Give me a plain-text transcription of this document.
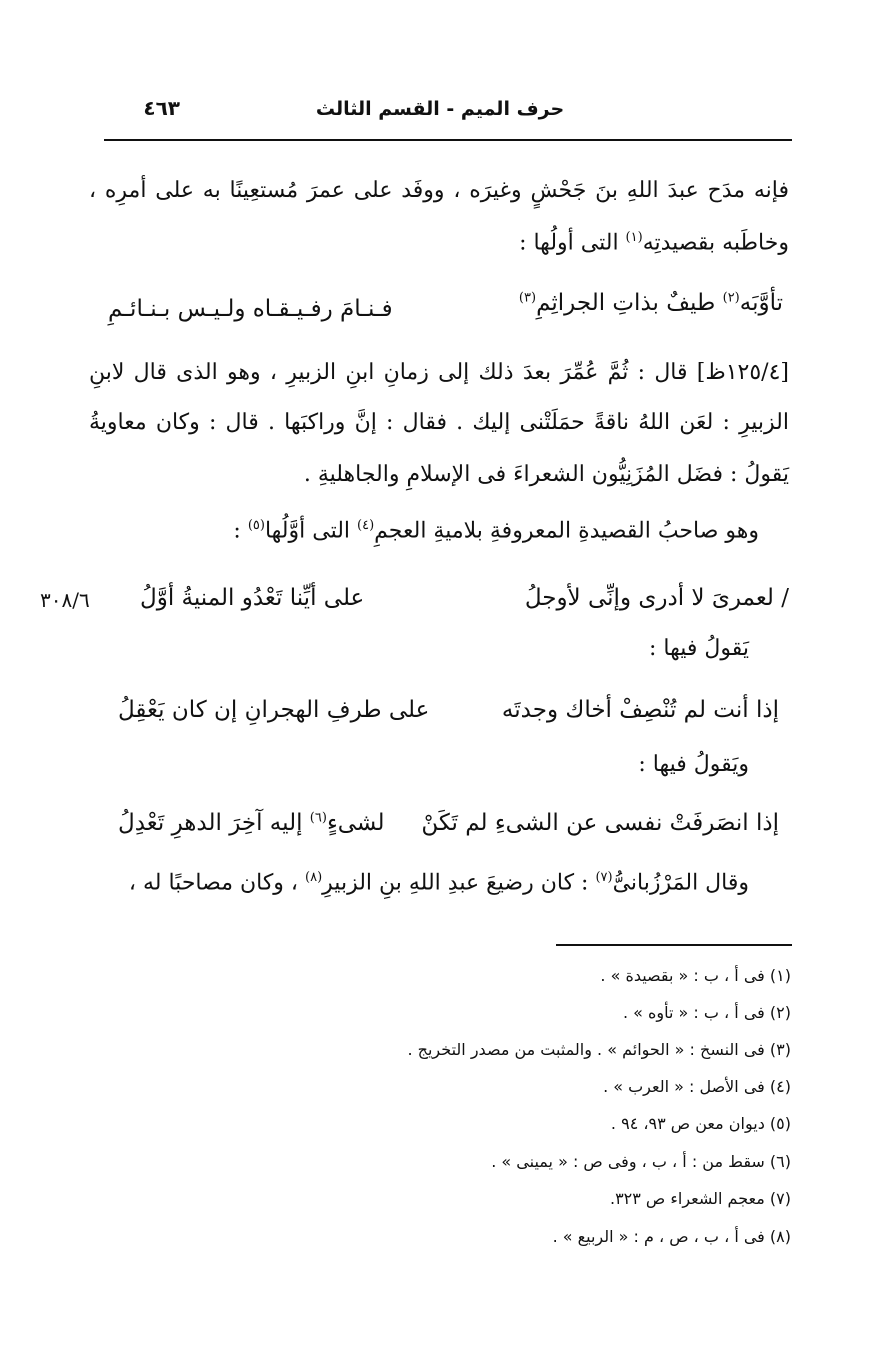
حرف الميم - القسم الثالث
٤٦٣
فإنه مدَح عبدَ اللهِ بنَ جَحْشٍ وغيرَه ، ووفَد على عمرَ مُستعِينًا به على أمرِه ،
وخاطَبه بقصيدتِه$^{(١)}$ التى أولُها :
تأوَّبَه$^{(٢)}$ طيفٌ بذاتِ الجراثِمِ$^{(٣)}$
فـنـامَ رفـيـقـاه ولـيـس بـنـائـمِ
[١٢٥/٤ظ] قال : ثُمَّ عُمِّرَ بعدَ ذلك إلى زمانِ ابنِ الزبيرِ ، وهو الذى قال لابنِ
الزبيرِ : لعَن اللهُ ناقةً حمَلَتْنى إليك . فقال : إنَّ وراكبَها . قال : وكان معاويةُ
يَقولُ : فضَل المُزَنِيُّون الشعراءَ فى الإسلامِ والجاهليةِ .
وهو صاحبُ القصيدةِ المعروفةِ بلاميةِ العجمِ$^{(٤)}$ التى أوَّلُها$^{(٥)}$ :
/ لعمرىَ لا أدرى وإنِّى لأوجلُ
على أيِّنا تَعْدُو المنيةُ أوَّلُ
٣٠٨/٦
يَقولُ فيها :
إذا أنت لم تُنْصِفْ أخاك وجدتَه
على طرفِ الهجرانِ إن كان يَعْقِلُ
ويَقولُ فيها :
إذا انصَرفَتْ نفسى عن الشىءِ لم تَكَنْ
لشىءٍ$^{(٦)}$ إليه آخِرَ الدهرِ تَعْدِلُ
وقال المَرْزُبانىُّ$^{(٧)}$ : كان رضيعَ عبدِ اللهِ بنِ الزبيرِ$^{(٨)}$ ، وكان مصاحبًا له ،
(١) فى أ ، ب : « بقصيدة » .
(٢) فى أ ، ب : « تأوه » .
(٣) فى النسخ : « الحوائم » . والمثبت من مصدر التخريج .
(٤) فى الأصل : « العرب » .
(٥) ديوان معن ص ٩٣، ٩٤ .
(٦) سقط من : أ ، ب ، وفى ص : « يمينى » .
(٧) معجم الشعراء ص ٣٢٣.
(٨) فى أ ، ب ، ص ، م : « الربيع » .
